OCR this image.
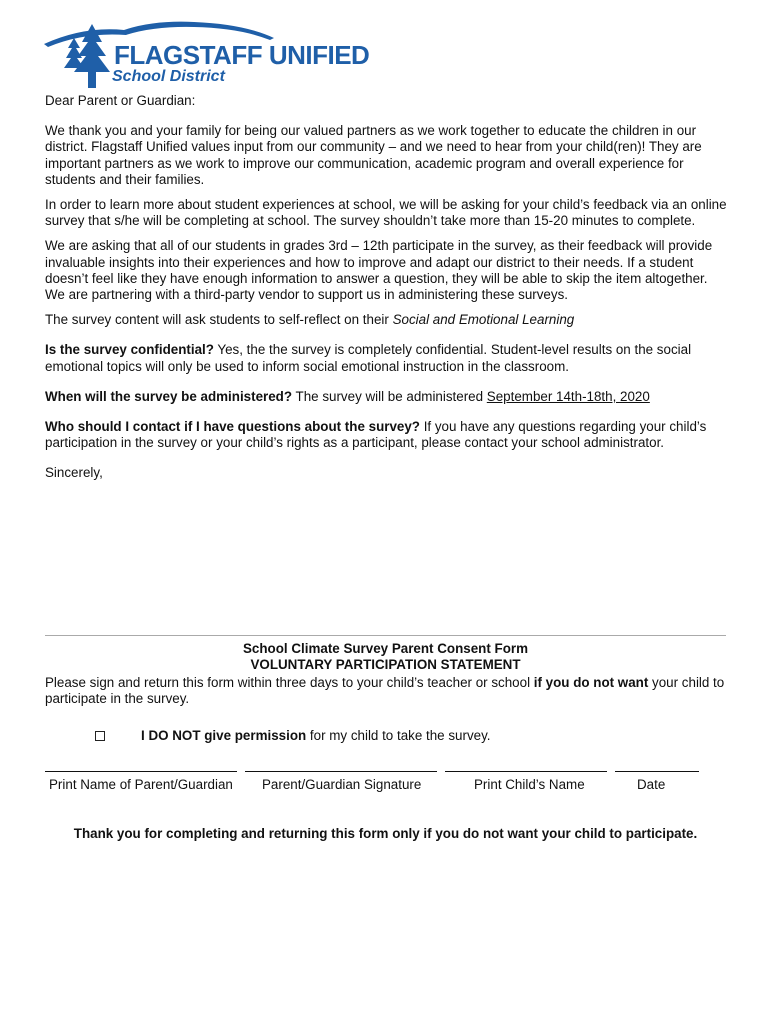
FLAGSTAFF UNIFIED
School District

Dear Parent or Guardian:

We thank you and your family for being our valued partners as we work together to educate the children in our district. Flagstaff Unified values input from our community – and we need to hear from your child(ren)! They are important partners as we work to improve our communication, academic program and overall experience for students and their families.

In order to learn more about student experiences at school, we will be asking for your child’s feedback via an online survey that s/he will be completing at school. The survey shouldn’t take more than 15-20 minutes to complete.

We are asking that all of our students in grades 3rd – 12th participate in the survey, as their feedback will provide invaluable insights into their experiences and how to improve and adapt our district to their needs. If a student doesn’t feel like they have enough information to answer a question, they will be able to skip the item altogether. We are partnering with a third-party vendor to support us in administering these surveys.

The survey content will ask students to self-reflect on their Social and Emotional Learning

Is the survey confidential? Yes, the the survey is completely confidential. Student-level results on the social emotional topics will only be used to inform social emotional instruction in the classroom.

When will the survey be administered? The survey will be administered September 14th-18th, 2020

Who should I contact if I have questions about the survey? If you have any questions regarding your child’s participation in the survey or your child’s rights as a participant, please contact your school administrator.

Sincerely,

School Climate Survey Parent Consent Form
VOLUNTARY PARTICIPATION STATEMENT
Please sign and return this form within three days to your child’s teacher or school if you do not want your child to participate in the survey.
I DO NOT give permission for my child to take the survey.
Print Name of Parent/Guardian Parent/Guardian Signature	Print Child’s Name	Date
Thank you for completing and returning this form only if you do not want your child to participate.
